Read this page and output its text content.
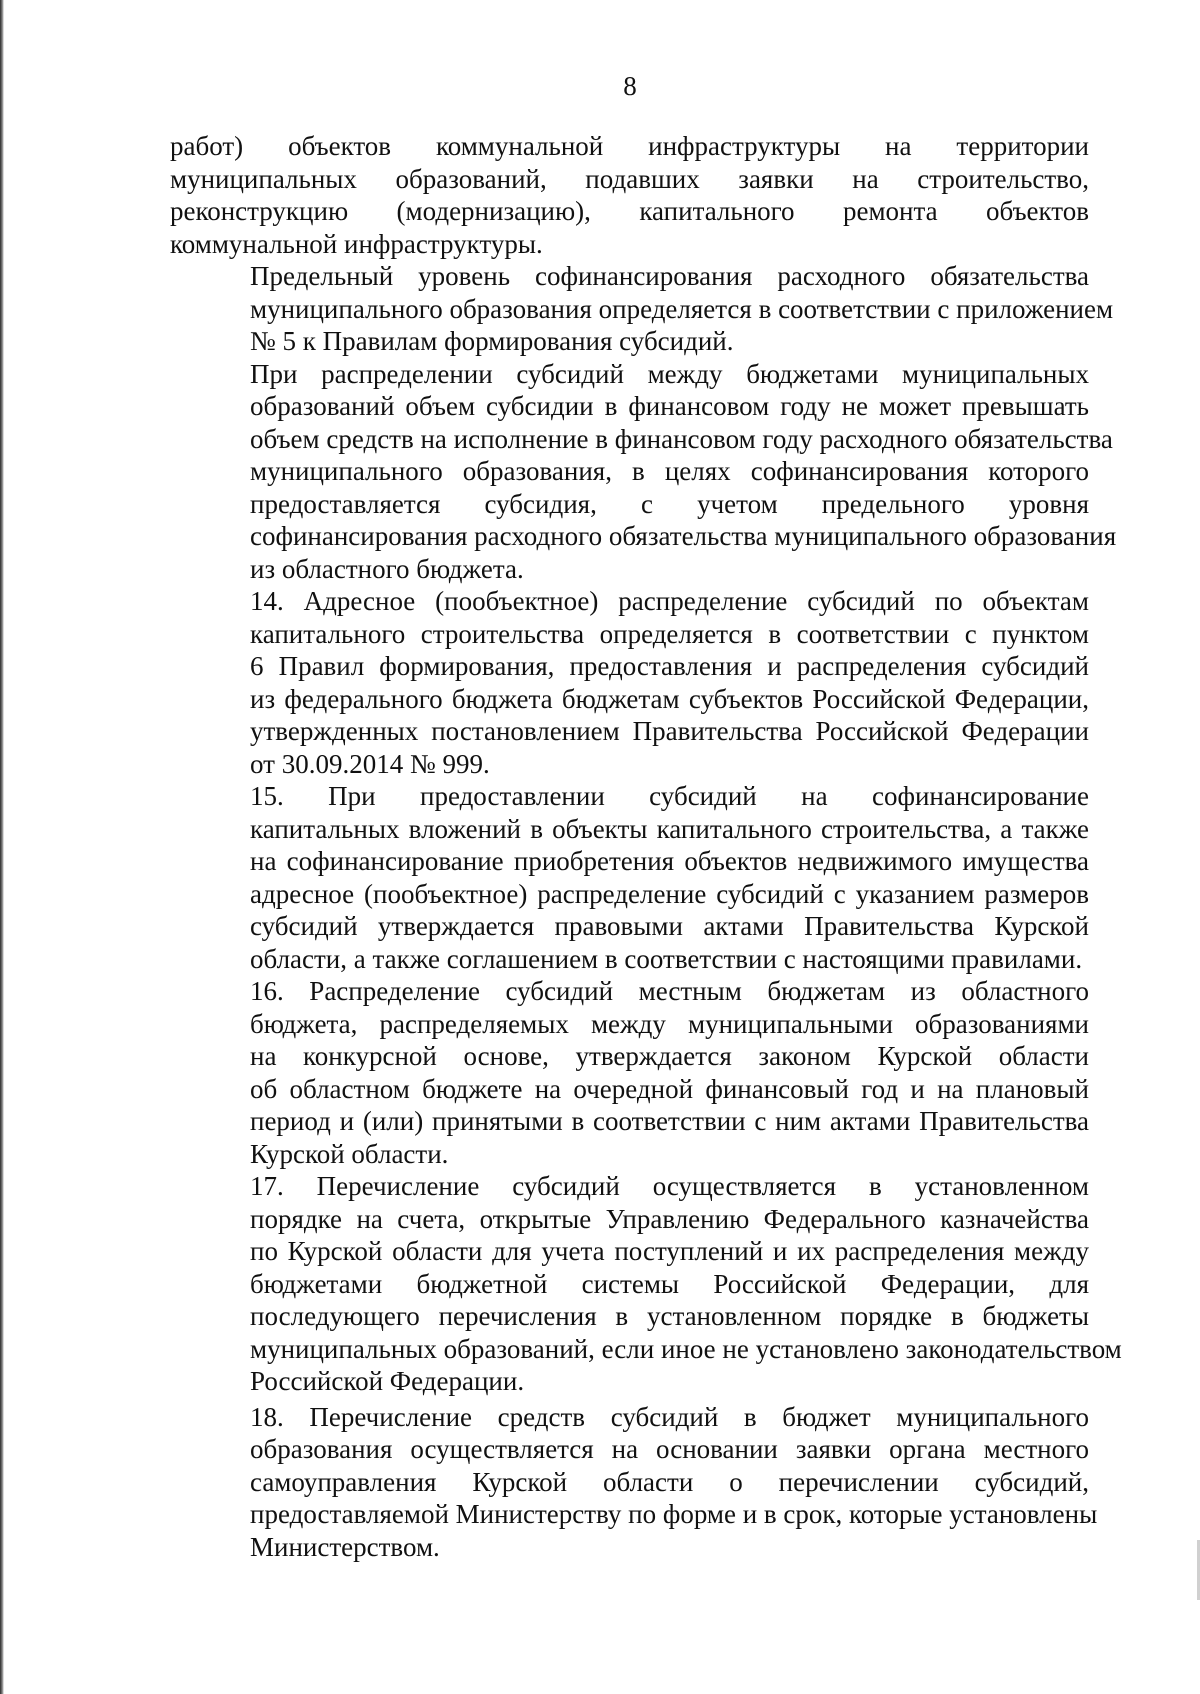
8
работ) объектов коммунальной инфраструктуры на территории
муниципальных образований, подавших заявки на строительство,
реконструкцию (модернизацию), капитального ремонта объектов
коммунальной инфраструктуры.
Предельный уровень софинансирования расходного обязательства
муниципального образования определяется в соответствии с приложением
№ 5 к Правилам формирования субсидий.
При распределении субсидий между бюджетами муниципальных
образований объем субсидии в финансовом году не может превышать
объем средств на исполнение в финансовом году расходного обязательства
муниципального образования, в целях софинансирования которого
предоставляется субсидия, с учетом предельного уровня
софинансирования расходного обязательства муниципального образования
из областного бюджета.
14. Адресное (пообъектное) распределение субсидий по объектам
капитального строительства определяется в соответствии с пунктом
6 Правил формирования, предоставления и распределения субсидий
из федерального бюджета бюджетам субъектов Российской Федерации,
утвержденных постановлением Правительства Российской Федерации
от 30.09.2014 № 999.
15. При предоставлении субсидий на софинансирование
капитальных вложений в объекты капитального строительства, а также
на софинансирование приобретения объектов недвижимого имущества
адресное (пообъектное) распределение субсидий с указанием размеров
субсидий утверждается правовыми актами Правительства Курской
области, а также соглашением в соответствии с настоящими правилами.
16. Распределение субсидий местным бюджетам из областного
бюджета, распределяемых между муниципальными образованиями
на конкурсной основе, утверждается законом Курской области
об областном бюджете на очередной финансовый год и на плановый
период и (или) принятыми в соответствии с ним актами Правительства
Курской области.
17. Перечисление субсидий осуществляется в установленном
порядке на счета, открытые Управлению Федерального казначейства
по Курской области для учета поступлений и их распределения между
бюджетами бюджетной системы Российской Федерации, для
последующего перечисления в установленном порядке в бюджеты
муниципальных образований, если иное не установлено законодательством
Российской Федерации.
18. Перечисление средств субсидий в бюджет муниципального
образования осуществляется на основании заявки органа местного
самоуправления Курской области о перечислении субсидий,
предоставляемой Министерству по форме и в срок, которые установлены
Министерством.
